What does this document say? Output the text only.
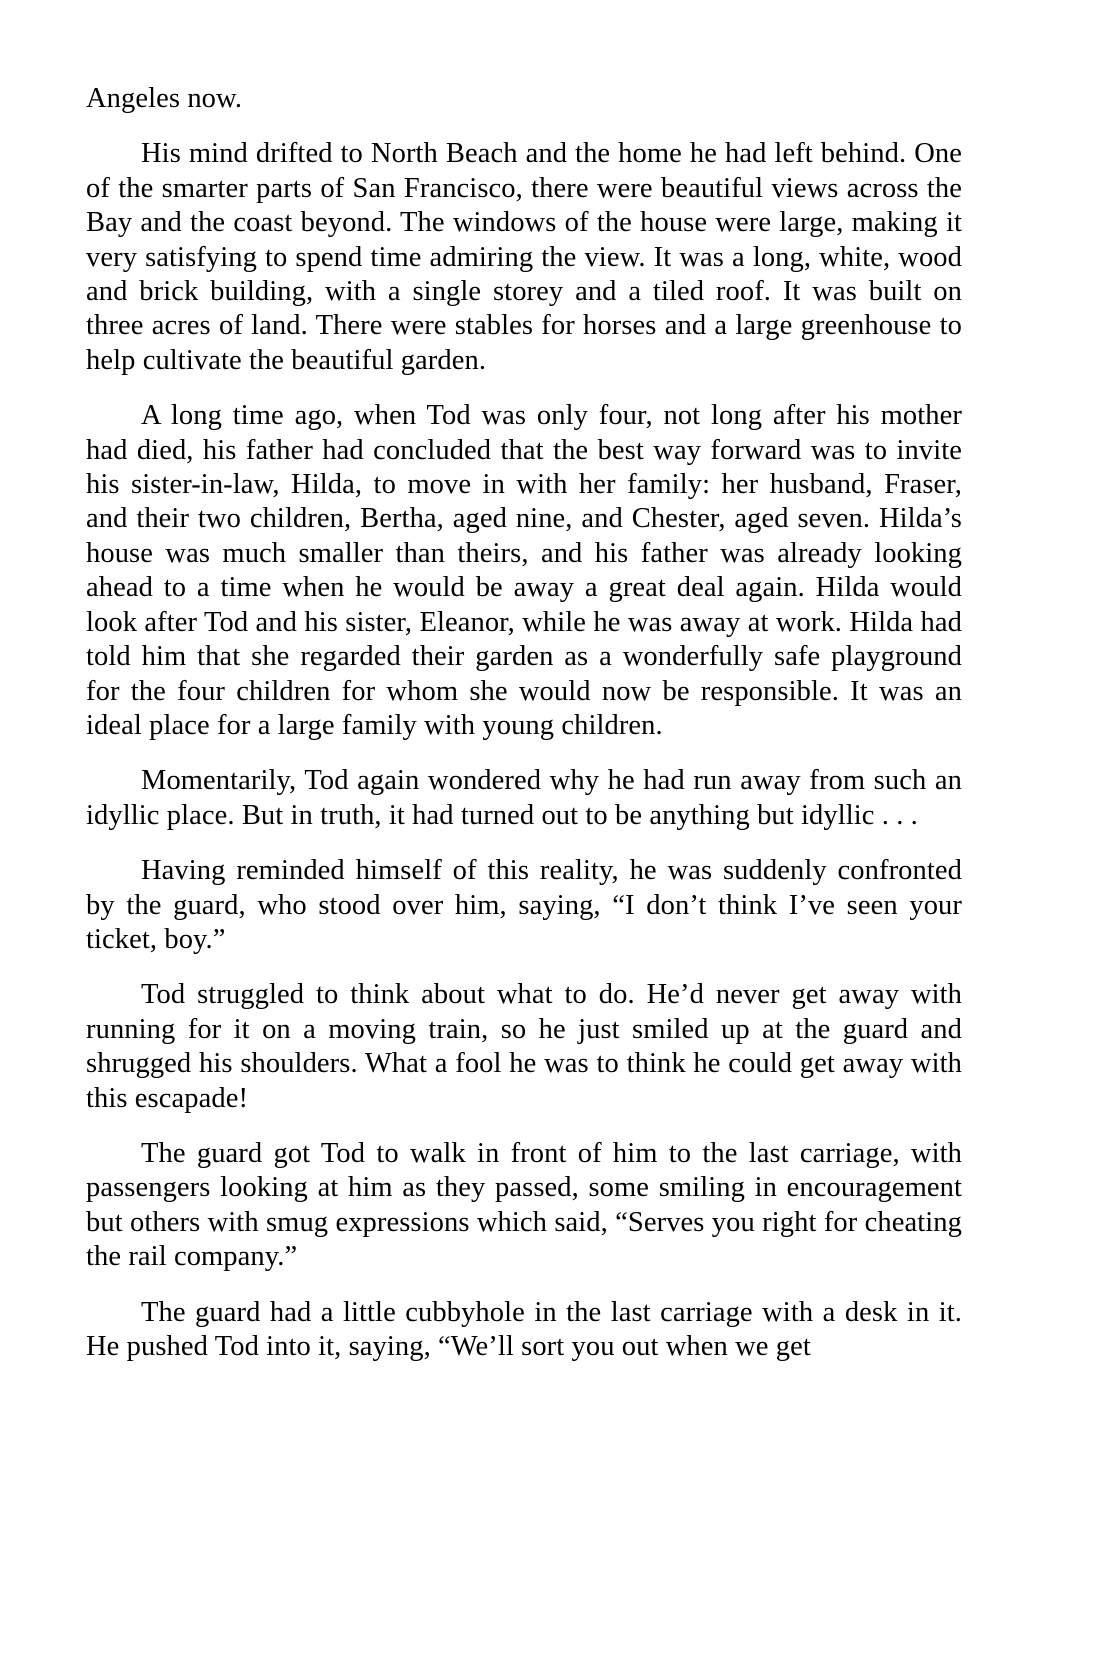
Angeles now.

His mind drifted to North Beach and the home he had left behind. One of the smarter parts of San Francisco, there were beautiful views across the Bay and the coast beyond. The windows of the house were large, making it very satisfying to spend time admiring the view. It was a long, white, wood and brick building, with a single storey and a tiled roof. It was built on three acres of land. There were stables for horses and a large greenhouse to help cultivate the beautiful garden.

A long time ago, when Tod was only four, not long after his mother had died, his father had concluded that the best way forward was to invite his sister-in-law, Hilda, to move in with her family: her husband, Fraser, and their two children, Bertha, aged nine, and Chester, aged seven. Hilda’s house was much smaller than theirs, and his father was already looking ahead to a time when he would be away a great deal again. Hilda would look after Tod and his sister, Eleanor, while he was away at work. Hilda had told him that she regarded their garden as a wonderfully safe playground for the four children for whom she would now be responsible. It was an ideal place for a large family with young children.

Momentarily, Tod again wondered why he had run away from such an idyllic place. But in truth, it had turned out to be anything but idyllic . . .

Having reminded himself of this reality, he was suddenly confronted by the guard, who stood over him, saying, “I don’t think I’ve seen your ticket, boy.”

Tod struggled to think about what to do. He’d never get away with running for it on a moving train, so he just smiled up at the guard and shrugged his shoulders. What a fool he was to think he could get away with this escapade!

The guard got Tod to walk in front of him to the last carriage, with passengers looking at him as they passed, some smiling in encouragement but others with smug expressions which said, “Serves you right for cheating the rail company.”

The guard had a little cubbyhole in the last carriage with a desk in it. He pushed Tod into it, saying, “We’ll sort you out when we get
